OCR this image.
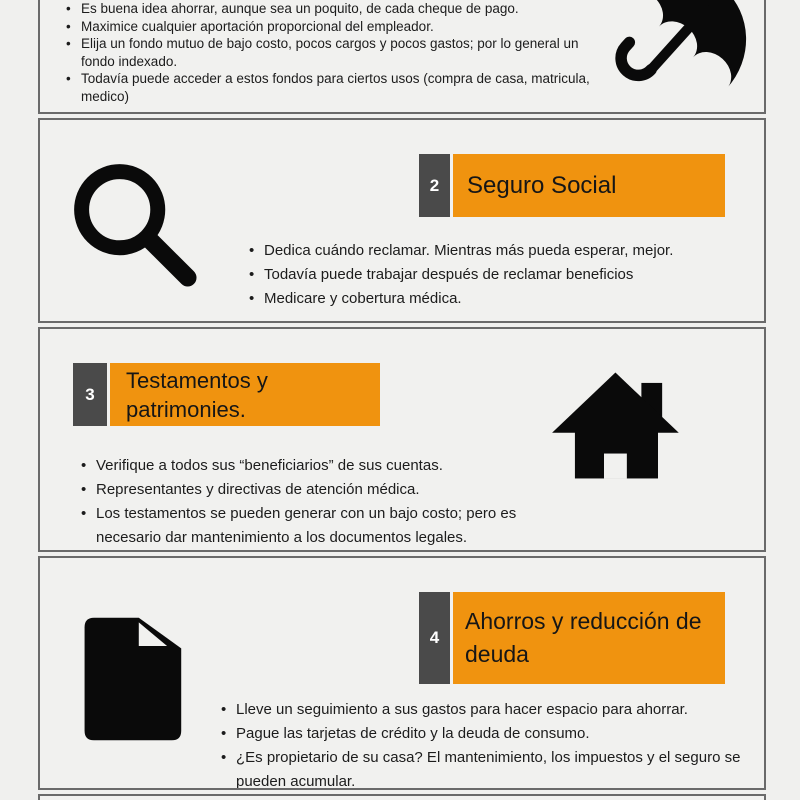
• Es buena idea ahorrar, aunque sea un poquito, de cada cheque de pago.
• Maximice cualquier aportación proporcional del empleador.
• Elija un fondo mutuo de bajo costo, pocos cargos y pocos gastos; por lo general un fondo indexado.
• Todavía puede acceder a estos fondos para ciertos usos (compra de casa, matricula, medico)
2	Seguro Social
• Dedica cuándo reclamar. Mientras más pueda esperar, mejor.
• Todavía puede trabajar después de reclamar beneficios
• Medicare y cobertura médica.
3
Testamentos y patrimonies.
• Verifique a todos sus “beneficiarios” de sus cuentas.
• Representantes y directivas de atención médica.
• Los testamentos se pueden generar con un bajo costo; pero es necesario dar mantenimiento a los documentos legales.
4
Ahorros y reducción de deuda
• Lleve un seguimiento a sus gastos para hacer espacio para ahorrar.
• Pague las tarjetas de crédito y la deuda de consumo.
• ¿Es propietario de su casa? El mantenimiento, los impuestos y el seguro se pueden acumular.
